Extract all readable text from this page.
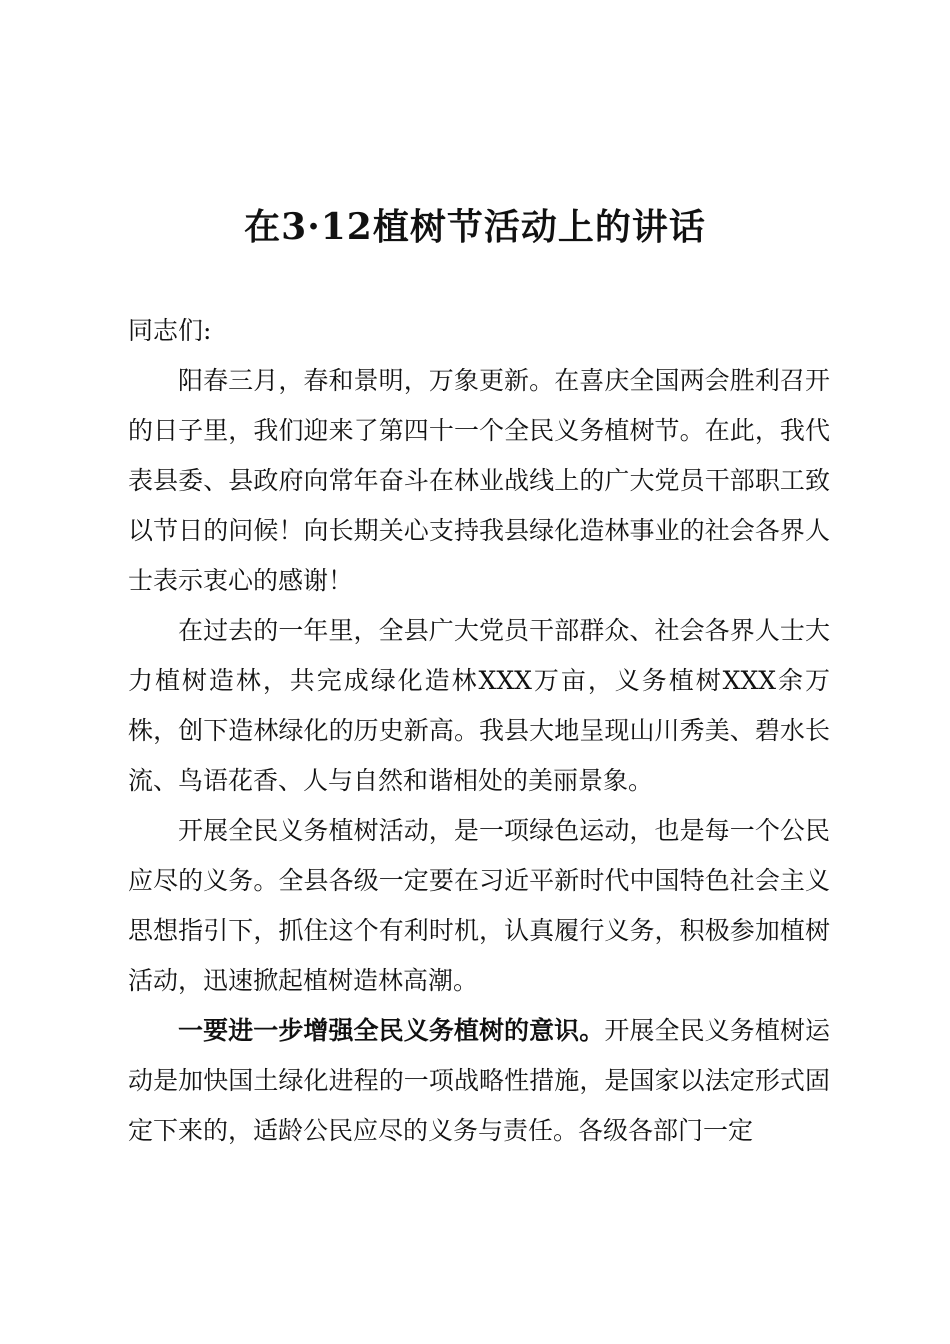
在3·12植树节活动上的讲话

同志们:

阳春三月，春和景明，万象更新。在喜庆全国两会胜利召开的日子里，我们迎来了第四十一个全民义务植树节。在此，我代表县委、县政府向常年奋斗在林业战线上的广大党员干部职工致以节日的问候！向长期关心支持我县绿化造林事业的社会各界人士表示衷心的感谢！

在过去的一年里，全县广大党员干部群众、社会各界人士大力植树造林，共完成绿化造林XXX万亩，义务植树XXX余万株，创下造林绿化的历史新高。我县大地呈现山川秀美、碧水长流、鸟语花香、人与自然和谐相处的美丽景象。

开展全民义务植树活动，是一项绿色运动，也是每一个公民应尽的义务。全县各级一定要在习近平新时代中国特色社会主义思想指引下，抓住这个有利时机，认真履行义务，积极参加植树活动，迅速掀起植树造林高潮。

一要进一步增强全民义务植树的意识。开展全民义务植树运动是加快国土绿化进程的一项战略性措施，是国家以法定形式固定下来的，适龄公民应尽的义务与责任。各级各部门一定
